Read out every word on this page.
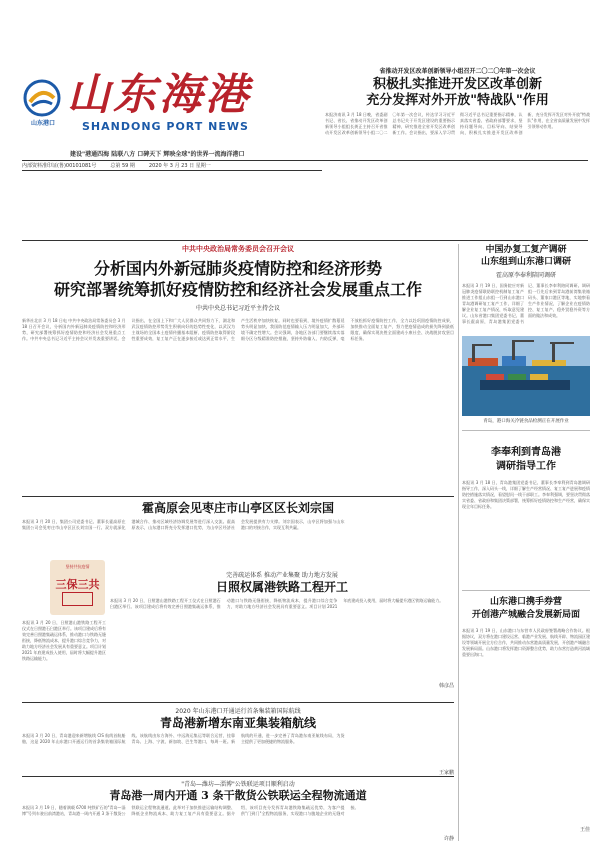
山东港口
山东海港
SHANDONG PORT NEWS
建设"港通四海 陆联八方 口碑天下 辉映全球"的世界一流海洋港口
内部资料准印证(鲁)00101081号	总第 59 期	2020 年 3 月 23 日 星期一
省推动开发区改革创新领导小组召开二〇二〇年第一次会议
积极扎实推进开发区改革创新
充分发挥对外开放"特战队"作用
本报济南讯 3 月 18 日晚，省委副书记、省长、省推动开发区改革创新领导小组组长龚正主持召开省推动开发区改革创新领导小组二〇二〇年第一次会议，传达学习习近平总书记关于开发区建设的重要指示精神，研究推进全省开发区改革创新工作。会议指出，要深入学习贯彻习近平总书记重要指示精神，认真落实省委、省政府部署要求，坚持问题导向、目标导向、结果导向，积极扎实推进开发区改革创新，充分发挥开发区对外开放"特战队"作用，在全省高质量发展中发挥引领带动作用。
中共中央政治局常务委员会召开会议
分析国内外新冠肺炎疫情防控和经济形势
研究部署统筹抓好疫情防控和经济社会发展重点工作
中共中央总书记习近平主持会议
新华社北京 3 月 18 日电 中共中央政治局常务委员会 3 月 18 日召开会议，分析国内外新冠肺炎疫情防控和经济形势，研究部署统筹抓好疫情防控和经济社会发展重点工作。中共中央总书记习近平主持会议并发表重要讲话。会议指出，在全国上下和广大人民群众共同努力下，湖北和武汉疫情防控形势发生积极向好的趋势性变化，以武汉为主战场的全国本土疫情传播基本阻断，疫情防控取得阶段性重要成效，复工复产正在逐步接近或达到正常水平，生产生活秩序加快恢复。同时也要看到，境外疫情扩散蔓延势头明显加快，我国防范疫情输入压力明显加大，外部环境不确定性增大。会议强调，各地区各部门要继续落实落细分区分级精准防控措施，坚持外防输入、内防反弹，毫不放松抓好疫情防控工作，全力以赴巩固疫情防控成果，加快推动全面复工复产，努力把疫情造成的损失降到最低限度，确保实现决胜全面建成小康社会、决战脱贫攻坚目标任务。
中国办复工复产调研
山东组到山东港口调研
霍高原李奉利陪同调研
本报讯 3 月 19 日，国务院应对新冠肺炎疫情联防联控机制复工复产推进工作组山东组一行到山东港口青岛港调研复工复产工作，详细了解企业复工复产情况，听取意见建议。山东省港口集团党委书记、董事长霍高原，青岛港集团党委书记、董事长李奉利陪同调研。调研组一行先后来到青岛港前湾集装箱码头、董家口港区等地，实地察看生产作业情况，了解企业在疫情防控、复工复产、稳外贸稳外资等方面的做法和成效。
青岛，港口海关冷链食品检测正在开展作业
李奉利到青岛港
调研指导工作
本报讯 3 月 18 日，青岛港集团党委书记、董事长李奉利到青岛港调研指导工作，深入码头一线，详细了解生产经营情况、复工复产进展和疫情防控措施落实情况，看望慰问一线干部职工。李奉利强调，要坚决贯彻落实省委、省政府和集团决策部署，统筹抓好疫情防控和生产经营，确保实现全年目标任务。
山东港口携手券营
开创港产城融合发展新局面
本报讯 3 月 19 日，山东港口与东营市人民政府签署战略合作协议。根据协议，双方将在港口建设运营、临港产业发展、航线开辟、物流园区建设等领域开展全方位合作，共同推动东营港高质量发展，开创港产城融合发展新局面。山东港口将发挥港口资源整合优势，助力东营打造黄河流域重要出海口。
王佳
霍高原会见枣庄市山亭区区长刘宗国
本报讯 3 月 20 日，集团公司党委书记、董事长霍高原在集团公司会见枣庄市山亭区区长刘宗国一行。双方就深化港城合作、推动区域经济协调发展等进行深入交流。霍高原表示，山东港口将充分发挥港口优势，为山亭区经济社会发展提供有力支撑。刘宗国表示，山亭区将加强与山东港口的对接合作，实现互利共赢。
坚持共抗疫情
三保三共
完善疏运体系 推动产业集聚 助力地方发展
日照权属港铁路工程开工
本报讯 3 月 20 日，日照港山港铁路工程开工仪式在日照港石臼港区举行。该项目建成后将有效完善日照港集疏运体系，推动港口与铁路无缝衔接，降低物流成本，提升港口综合竞争力，对助力地方经济社会发展具有重要意义。项目计划 2021 年底建成投入使用，届时将大幅提升港区铁路运输能力。
韩彦昌
本报讯 3 月 20 日，日照港山港铁路工程开工仪式在日照港石臼港区举行。该项目建成后将有效完善日照港集疏运体系，推动港口与铁路无缝衔接，降低物流成本，提升港口综合竞争力，对助力地方经济社会发展具有重要意义。项目计划 2021 年底建成投入使用，届时将大幅提升港区铁路运输能力。
2020 年山东港口开通运行首条集装箱国际航线
青岛港新增东南亚集装箱航线
本报讯 3 月 20 日，青岛港迎来新增航线 CIS 航线首航船舶，这是 2020 年山东港口开通运行的首条集装箱国际航线。该航线由东方海外、中远海运集运等联合运营，挂靠青岛、上海、宁波、新加坡、巴生等港口，每周一班。新航线的开通，进一步完善了青岛港东南亚航线布局，为货主提供了更加便捷的物流服务。
王家鹏
"青岛—潍坊—淄博"公铁联运项目顺利启动
青岛港一周内开通 3 条干散货公铁联运全程物流通道
本报讯 3 月 19 日，随着满载 6700 吨铁矿石的"青岛—淄博"号列车驶出前湾港站，青岛港一周内开通 3 条干散货公铁联运全程物流通道。此举对于加快推进运输结构调整、降低企业物流成本、助力复工复产具有重要意义。据介绍，该项目充分发挥青岛港铁路集疏运优势，为客户提供"门到门"全程物流服务，实现港口与腹地企业的无缝对接。
许静
